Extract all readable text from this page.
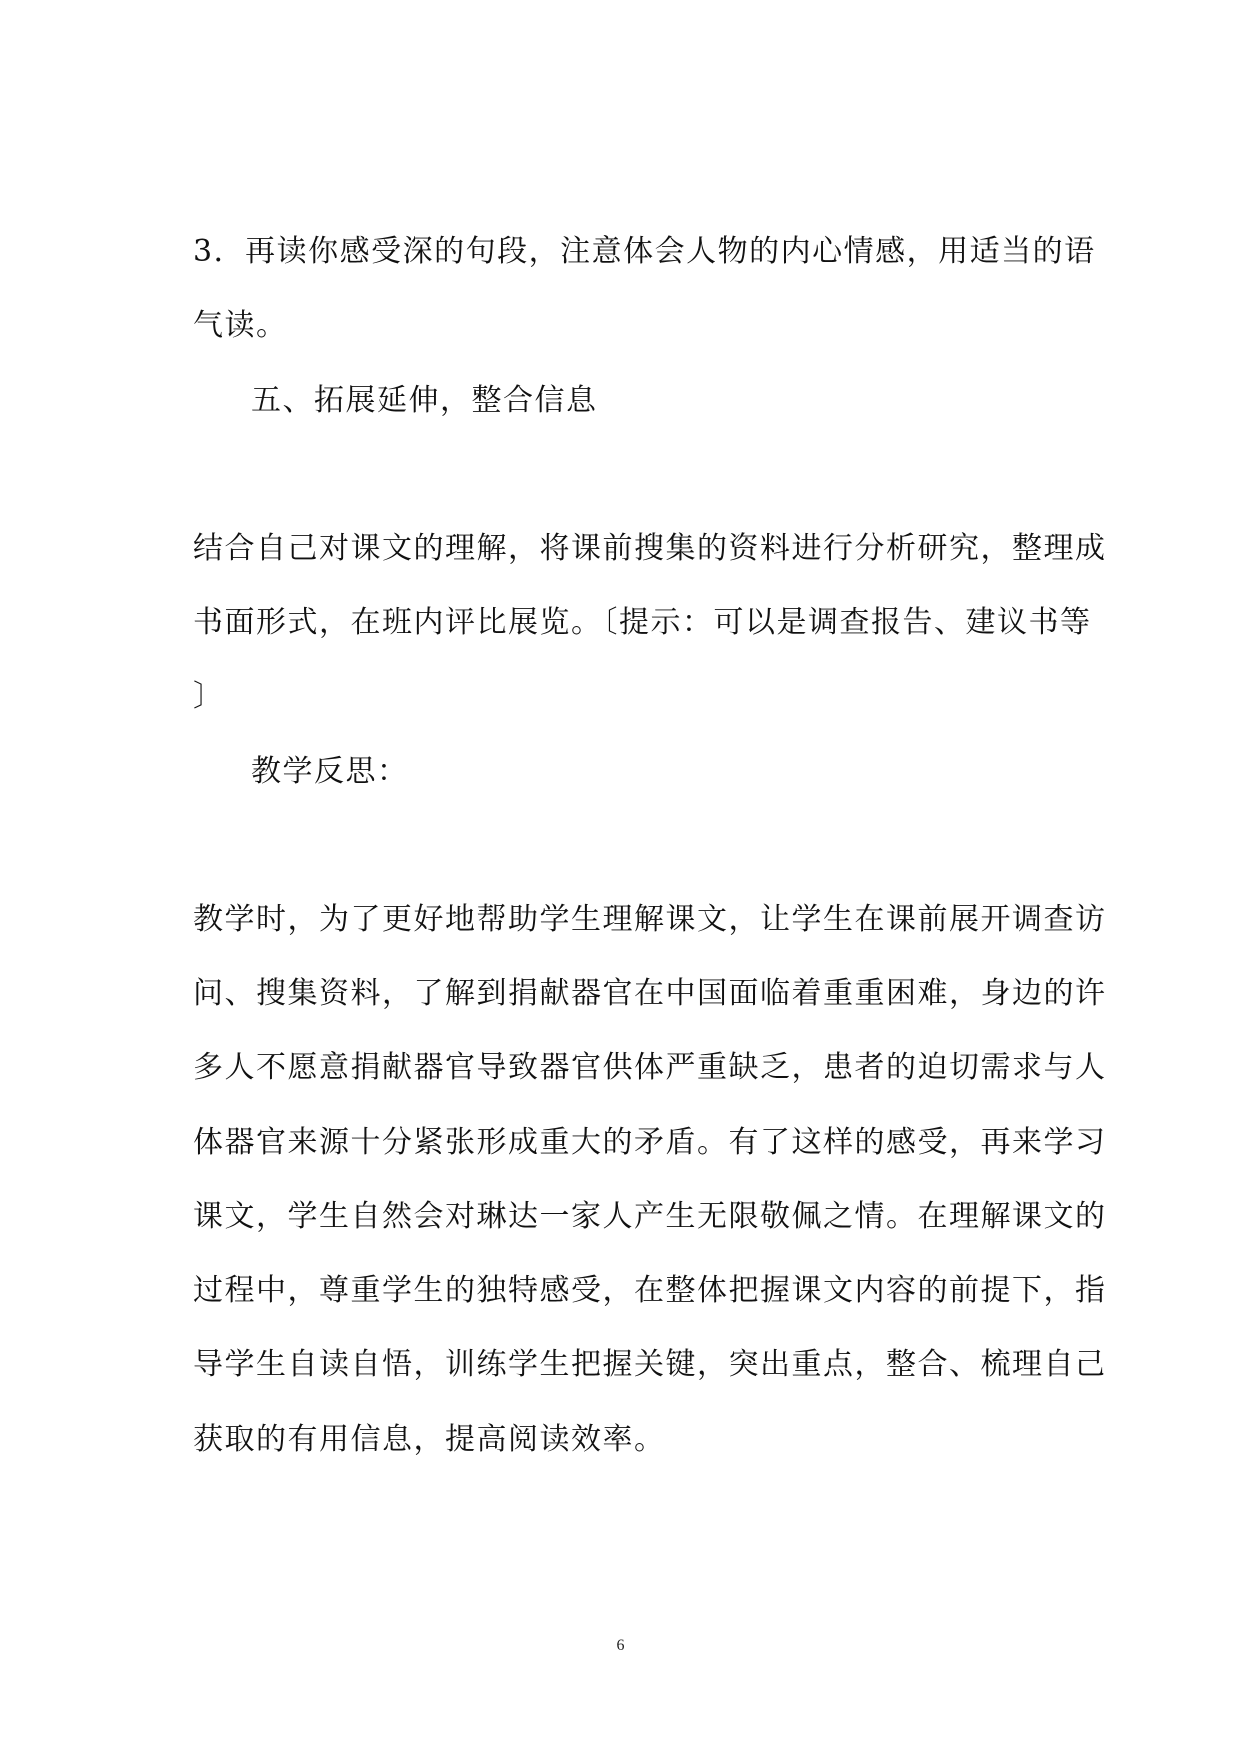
3．再读你感受深的句段，注意体会人物的内心情感，用适当的语
气读。
五、拓展延伸，整合信息
结合自己对课文的理解，将课前搜集的资料进行分析研究，整理成
书面形式，在班内评比展览。〔提示：可以是调查报告、建议书等
〕
教学反思：
教学时，为了更好地帮助学生理解课文，让学生在课前展开调查访
问、搜集资料，了解到捐献器官在中国面临着重重困难，身边的许
多人不愿意捐献器官导致器官供体严重缺乏，患者的迫切需求与人
体器官来源十分紧张形成重大的矛盾。有了这样的感受，再来学习
课文，学生自然会对琳达一家人产生无限敬佩之情。在理解课文的
过程中，尊重学生的独特感受，在整体把握课文内容的前提下，指
导学生自读自悟，训练学生把握关键，突出重点，整合、梳理自己
获取的有用信息，提高阅读效率。
6
